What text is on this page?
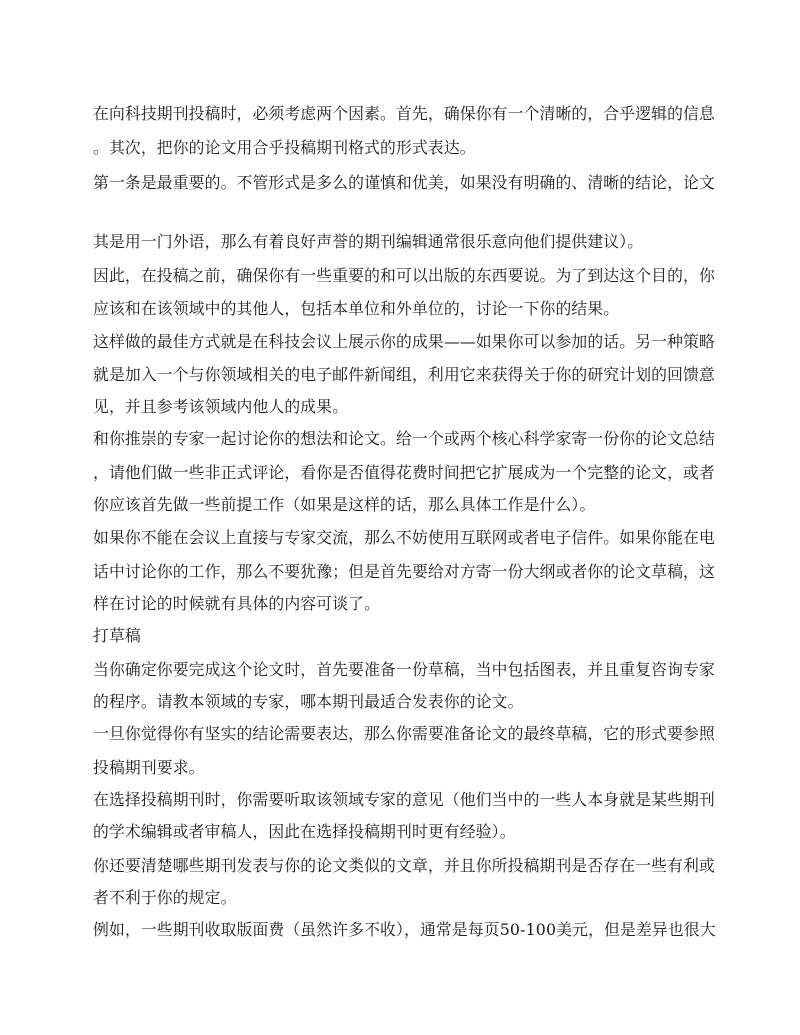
在向科技期刊投稿时，必须考虑两个因素。首先，确保你有一个清晰的，合乎逻辑的信息
。其次，把你的论文用合乎投稿期刊格式的形式表达。
第一条是最重要的。不管形式是多么的谨慎和优美，如果没有明确的、清晰的结论，论文
其是用一门外语，那么有着良好声誉的期刊编辑通常很乐意向他们提供建议）。
因此，在投稿之前，确保你有一些重要的和可以出版的东西要说。为了到达这个目的，你
应该和在该领域中的其他人，包括本单位和外单位的，讨论一下你的结果。
这样做的最佳方式就是在科技会议上展示你的成果——如果你可以参加的话。另一种策略
就是加入一个与你领域相关的电子邮件新闻组，利用它来获得关于你的研究计划的回馈意
见，并且参考该领域内他人的成果。
和你推崇的专家一起讨论你的想法和论文。给一个或两个核心科学家寄一份你的论文总结
，请他们做一些非正式评论，看你是否值得花费时间把它扩展成为一个完整的论文，或者
你应该首先做一些前提工作（如果是这样的话，那么具体工作是什么）。
如果你不能在会议上直接与专家交流，那么不妨使用互联网或者电子信件。如果你能在电
话中讨论你的工作，那么不要犹豫；但是首先要给对方寄一份大纲或者你的论文草稿，这
样在讨论的时候就有具体的内容可谈了。
打草稿
当你确定你要完成这个论文时，首先要准备一份草稿，当中包括图表，并且重复咨询专家
的程序。请教本领域的专家，哪本期刊最适合发表你的论文。
一旦你觉得你有坚实的结论需要表达，那么你需要准备论文的最终草稿，它的形式要参照
投稿期刊要求。
在选择投稿期刊时，你需要听取该领域专家的意见（他们当中的一些人本身就是某些期刊
的学术编辑或者审稿人，因此在选择投稿期刊时更有经验）。
你还要清楚哪些期刊发表与你的论文类似的文章，并且你所投稿期刊是否存在一些有利或
者不利于你的规定。
例如，一些期刊收取版面费（虽然许多不收），通常是每页50-100美元，但是差异也很大
